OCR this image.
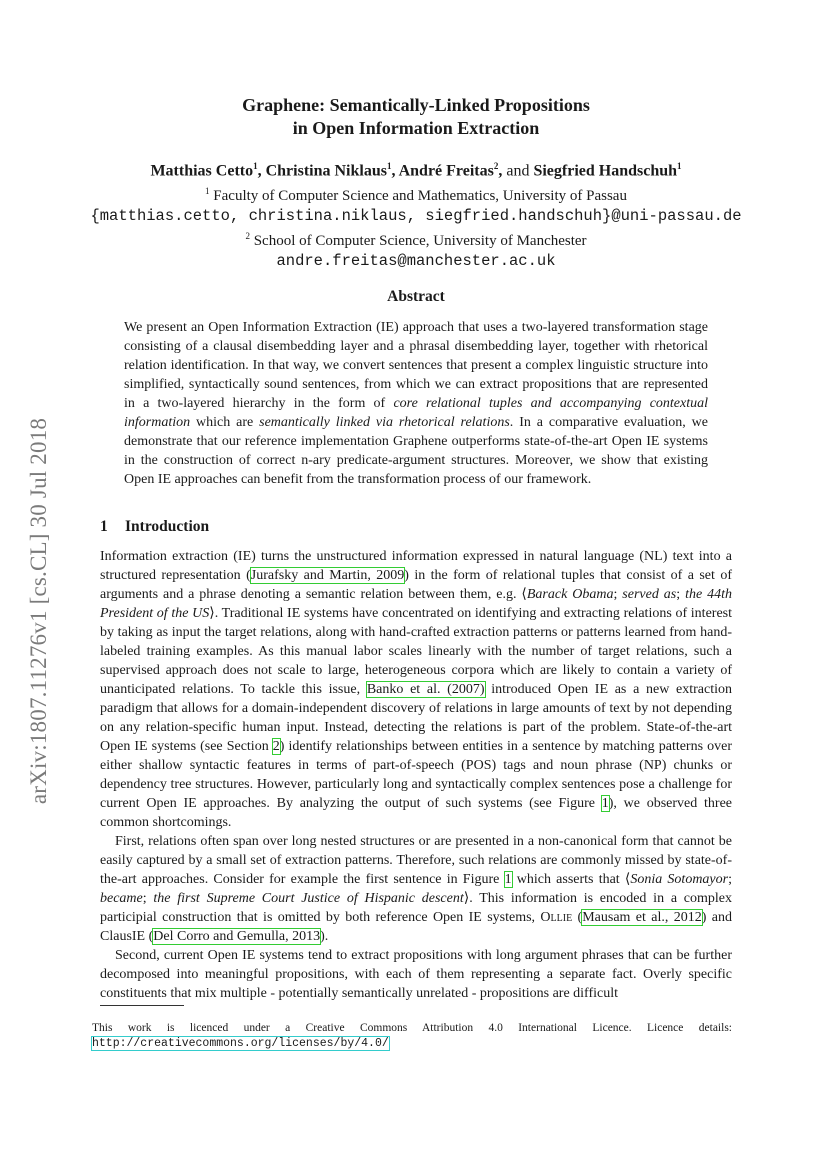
arXiv:1807.11276v1 [cs.CL] 30 Jul 2018
Graphene: Semantically-Linked Propositions
in Open Information Extraction
Matthias Cetto$^1$, Christina Niklaus$^1$, André Freitas$^2$, and Siegfried Handschuh$^1$
$^1$ Faculty of Computer Science and Mathematics, University of Passau
{matthias.cetto, christina.niklaus, siegfried.handschuh}@uni-passau.de
$^2$ School of Computer Science, University of Manchester
andre.freitas@manchester.ac.uk
Abstract
We present an Open Information Extraction (IE) approach that uses a two-layered transformation stage consisting of a clausal disembedding layer and a phrasal disembedding layer, together with rhetorical relation identification. In that way, we convert sentences that present a complex linguistic structure into simplified, syntactically sound sentences, from which we can extract propositions that are represented in a two-layered hierarchy in the form of core relational tuples and accompanying contextual information which are semantically linked via rhetorical relations. In a comparative evaluation, we demonstrate that our reference implementation Graphene outperforms state-of-the-art Open IE systems in the construction of correct n-ary predicate-argument structures. Moreover, we show that existing Open IE approaches can benefit from the transformation process of our framework.
1 Introduction

Information extraction (IE) turns the unstructured information expressed in natural language (NL) text into a structured representation (Jurafsky and Martin, 2009) in the form of relational tuples that consist of a set of arguments and a phrase denoting a semantic relation between them, e.g. ⟨Barack Obama; served as; the 44th President of the US⟩. Traditional IE systems have concentrated on identifying and extracting relations of interest by taking as input the target relations, along with hand-crafted extraction patterns or patterns learned from hand-labeled training examples. As this manual labor scales linearly with the number of target relations, such a supervised approach does not scale to large, heterogeneous corpora which are likely to contain a variety of unanticipated relations. To tackle this issue, Banko et al. (2007) introduced Open IE as a new extraction paradigm that allows for a domain-independent discovery of relations in large amounts of text by not depending on any relation-specific human input. Instead, detecting the relations is part of the problem. State-of-the-art Open IE systems (see Section 2) identify relationships between entities in a sentence by matching patterns over either shallow syntactic features in terms of part-of-speech (POS) tags and noun phrase (NP) chunks or dependency tree structures. However, particularly long and syntactically complex sentences pose a challenge for current Open IE approaches. By analyzing the output of such systems (see Figure 1), we observed three common shortcomings.

First, relations often span over long nested structures or are presented in a non-canonical form that cannot be easily captured by a small set of extraction patterns. Therefore, such relations are commonly missed by state-of-the-art approaches. Consider for example the first sentence in Figure 1 which asserts that ⟨Sonia Sotomayor; became; the first Supreme Court Justice of Hispanic descent⟩. This information is encoded in a complex participial construction that is omitted by both reference Open IE systems, Ollie (Mausam et al., 2012) and ClausIE (Del Corro and Gemulla, 2013).

Second, current Open IE systems tend to extract propositions with long argument phrases that can be further decomposed into meaningful propositions, with each of them representing a separate fact. Overly specific constituents that mix multiple - potentially semantically unrelated - propositions are difficult

This work is licenced under a Creative Commons Attribution 4.0 International Licence. Licence details: http://creativecommons.org/licenses/by/4.0/
